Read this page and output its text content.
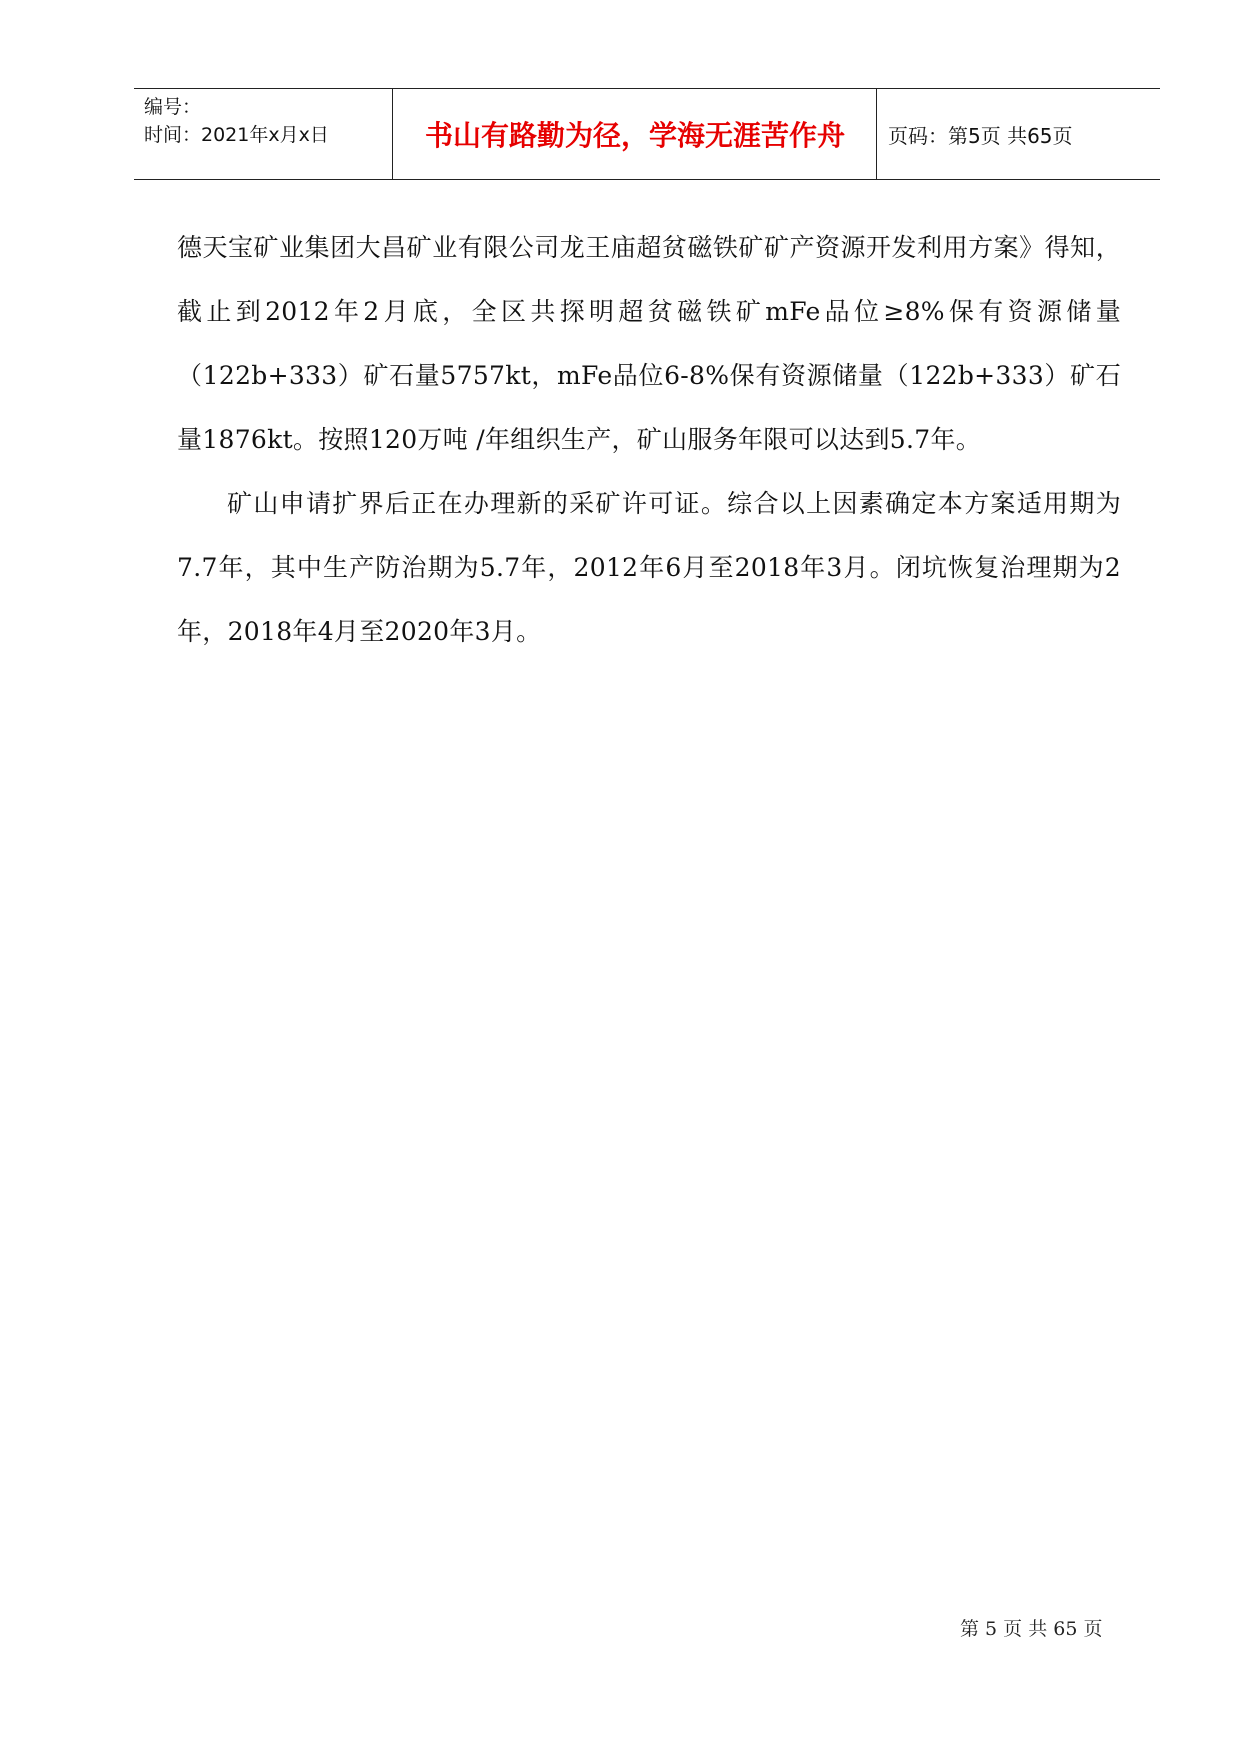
编号：
时间：2021年x月x日	书山有路勤为径，学海无涯苦作舟	页码：第5页 共65页

德天宝矿业集团大昌矿业有限公司龙王庙超贫磁铁矿矿产资源开发利用方案》得知，截止到2012年2月底，全区共探明超贫磁铁矿mFe品位≥8%保有资源储量（122b+333）矿石量5757kt，mFe品位6-8%保有资源储量（122b+333）矿石量1876kt。按照120万吨 /年组织生产，矿山服务年限可以达到5.7年。

矿山申请扩界后正在办理新的采矿许可证。综合以上因素确定本方案适用期为7.7年，其中生产防治期为5.7年，2012年6月至2018年3月。闭坑恢复治理期为2年，2018年4月至2020年3月。

第 5 页 共 65 页
